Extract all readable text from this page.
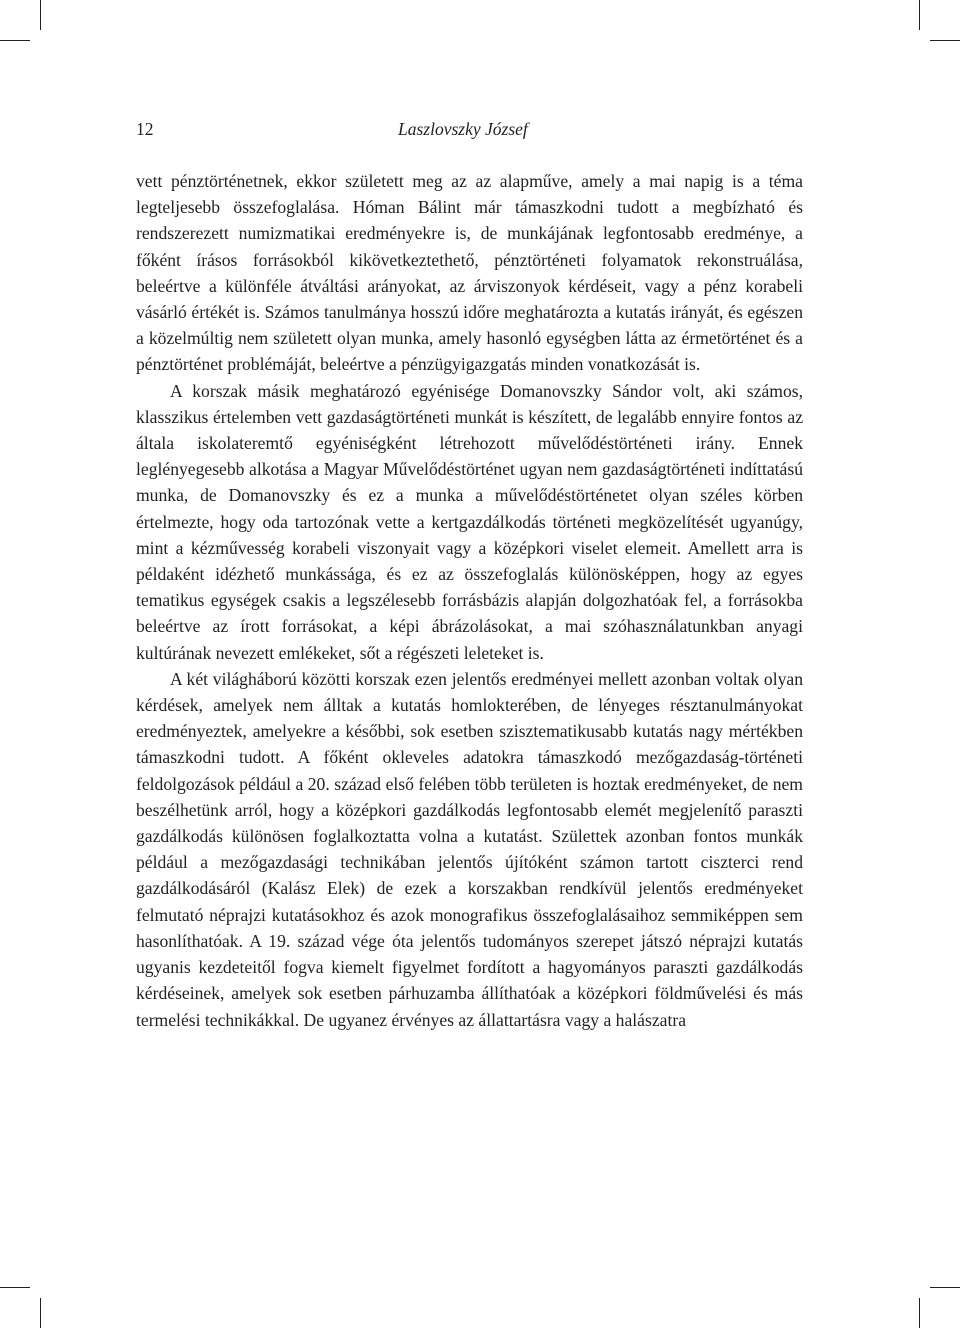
12	Laszlovszky József

vett pénztörténetnek, ekkor született meg az az alapműve, amely a mai napig is a téma legteljesebb összefoglalása. Hóman Bálint már támaszkodni tudott a megbízható és rendszerezett numizmatikai eredményekre is, de munkájának legfontosabb eredménye, a főként írásos forrásokból kikövetkeztethető, pénztörténeti folyamatok rekonstruálása, beleértve a különféle átváltási arányokat, az árviszonyok kérdéseit, vagy a pénz korabeli vásárló értékét is. Számos tanulmánya hosszú időre meghatározta a kutatás irányát, és egészen a közelmúltig nem született olyan munka, amely hasonló egységben látta az érmetörténet és a pénztörténet problémáját, beleértve a pénzügyigazgatás minden vonatkozását is.

A korszak másik meghatározó egyénisége Domanovszky Sándor volt, aki számos, klasszikus értelemben vett gazdaságtörténeti munkát is készített, de legalább ennyire fontos az általa iskolateremtő egyéniségként létrehozott művelődéstörténeti irány. Ennek leglényegesebb alkotása a Magyar Művelődéstörténet ugyan nem gazdaságtörténeti indíttatású munka, de Domanovszky és ez a munka a művelődéstörténetet olyan széles körben értelmezte, hogy oda tartozónak vette a kertgazdálkodás történeti megközelítését ugyanúgy, mint a kézművesség korabeli viszonyait vagy a középkori viselet elemeit. Amellett arra is példaként idézhető munkássága, és ez az összefoglalás különösképpen, hogy az egyes tematikus egységek csakis a legszélesebb forrásbázis alapján dolgozhatóak fel, a forrásokba beleértve az írott forrásokat, a képi ábrázolásokat, a mai szóhasználatunkban anyagi kultúrának nevezett emlékeket, sőt a régészeti leleteket is.

A két világháború közötti korszak ezen jelentős eredményei mellett azonban voltak olyan kérdések, amelyek nem álltak a kutatás homlokterében, de lényeges résztanulmányokat eredményeztek, amelyekre a későbbi, sok esetben szisztematikusabb kutatás nagy mértékben támaszkodni tudott. A főként okleveles adatokra támaszkodó mezőgazdaság-történeti feldolgozások például a 20. század első felében több területen is hoztak eredményeket, de nem beszélhetünk arról, hogy a középkori gazdálkodás legfontosabb elemét megjelenítő paraszti gazdálkodás különösen foglalkoztatta volna a kutatást. Születtek azonban fontos munkák például a mezőgazdasági technikában jelentős újítóként számon tartott ciszterci rend gazdálkodásáról (Kalász Elek) de ezek a korszakban rendkívül jelentős eredményeket felmutató néprajzi kutatásokhoz és azok monografikus összefoglalásaihoz semmiképpen sem hasonlíthatóak. A 19. század vége óta jelentős tudományos szerepet játszó néprajzi kutatás ugyanis kezdeteitől fogva kiemelt figyelmet fordított a hagyományos paraszti gazdálkodás kérdéseinek, amelyek sok esetben párhuzamba állíthatóak a középkori földművelési és más termelési technikákkal. De ugyanez érvényes az állattartásra vagy a halászatra
